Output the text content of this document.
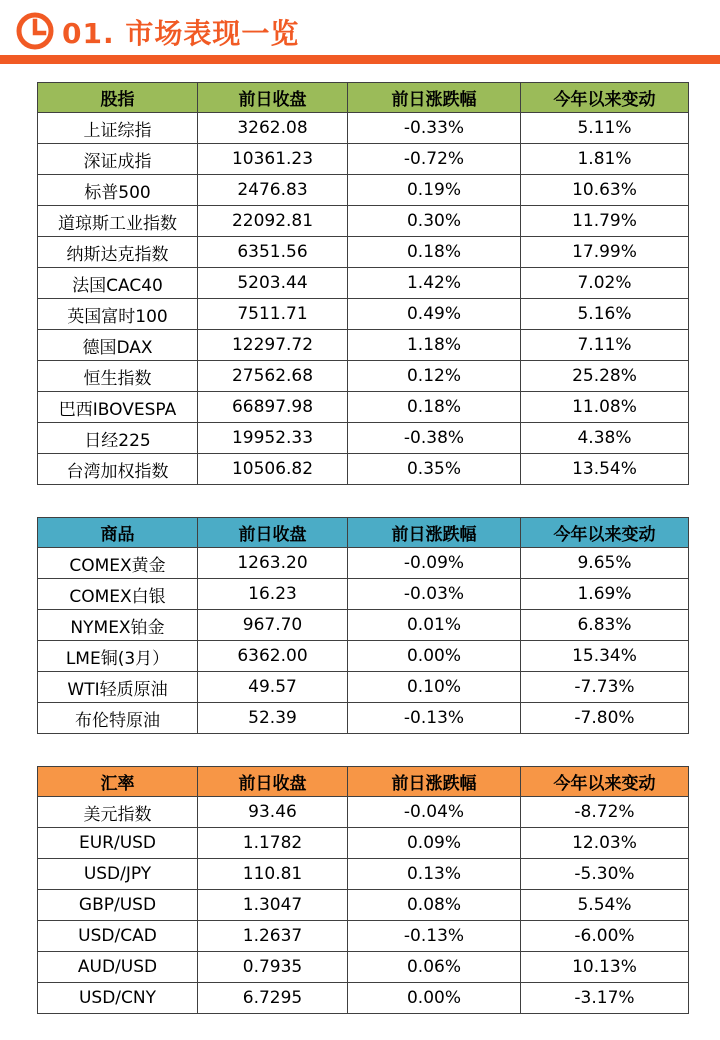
01. 市场表现一览
股指	前日收盘	前日涨跌幅	今年以来变动
上证综指	3262.08	-0.33%	5.11%
深证成指	10361.23	-0.72%	1.81%
标普500	2476.83	0.19%	10.63%
道琼斯工业指数	22092.81	0.30%	11.79%
纳斯达克指数	6351.56	0.18%	17.99%
法国CAC40	5203.44	1.42%	7.02%
英国富时100	7511.71	0.49%	5.16%
德国DAX	12297.72	1.18%	7.11%
恒生指数	27562.68	0.12%	25.28%
巴西IBOVESPA	66897.98	0.18%	11.08%
日经225	19952.33	-0.38%	4.38%
台湾加权指数	10506.82	0.35%	13.54%
商品	前日收盘	前日涨跌幅	今年以来变动
COMEX黄金	1263.20	-0.09%	9.65%
COMEX白银	16.23	-0.03%	1.69%
NYMEX铂金	967.70	0.01%	6.83%
LME铜(3月）	6362.00	0.00%	15.34%
WTI轻质原油	49.57	0.10%	-7.73%
布伦特原油	52.39	-0.13%	-7.80%
汇率	前日收盘	前日涨跌幅	今年以来变动
美元指数	93.46	-0.04%	-8.72%
EUR/USD	1.1782	0.09%	12.03%
USD/JPY	110.81	0.13%	-5.30%
GBP/USD	1.3047	0.08%	5.54%
USD/CAD	1.2637	-0.13%	-6.00%
AUD/USD	0.7935	0.06%	10.13%
USD/CNY	6.7295	0.00%	-3.17%
